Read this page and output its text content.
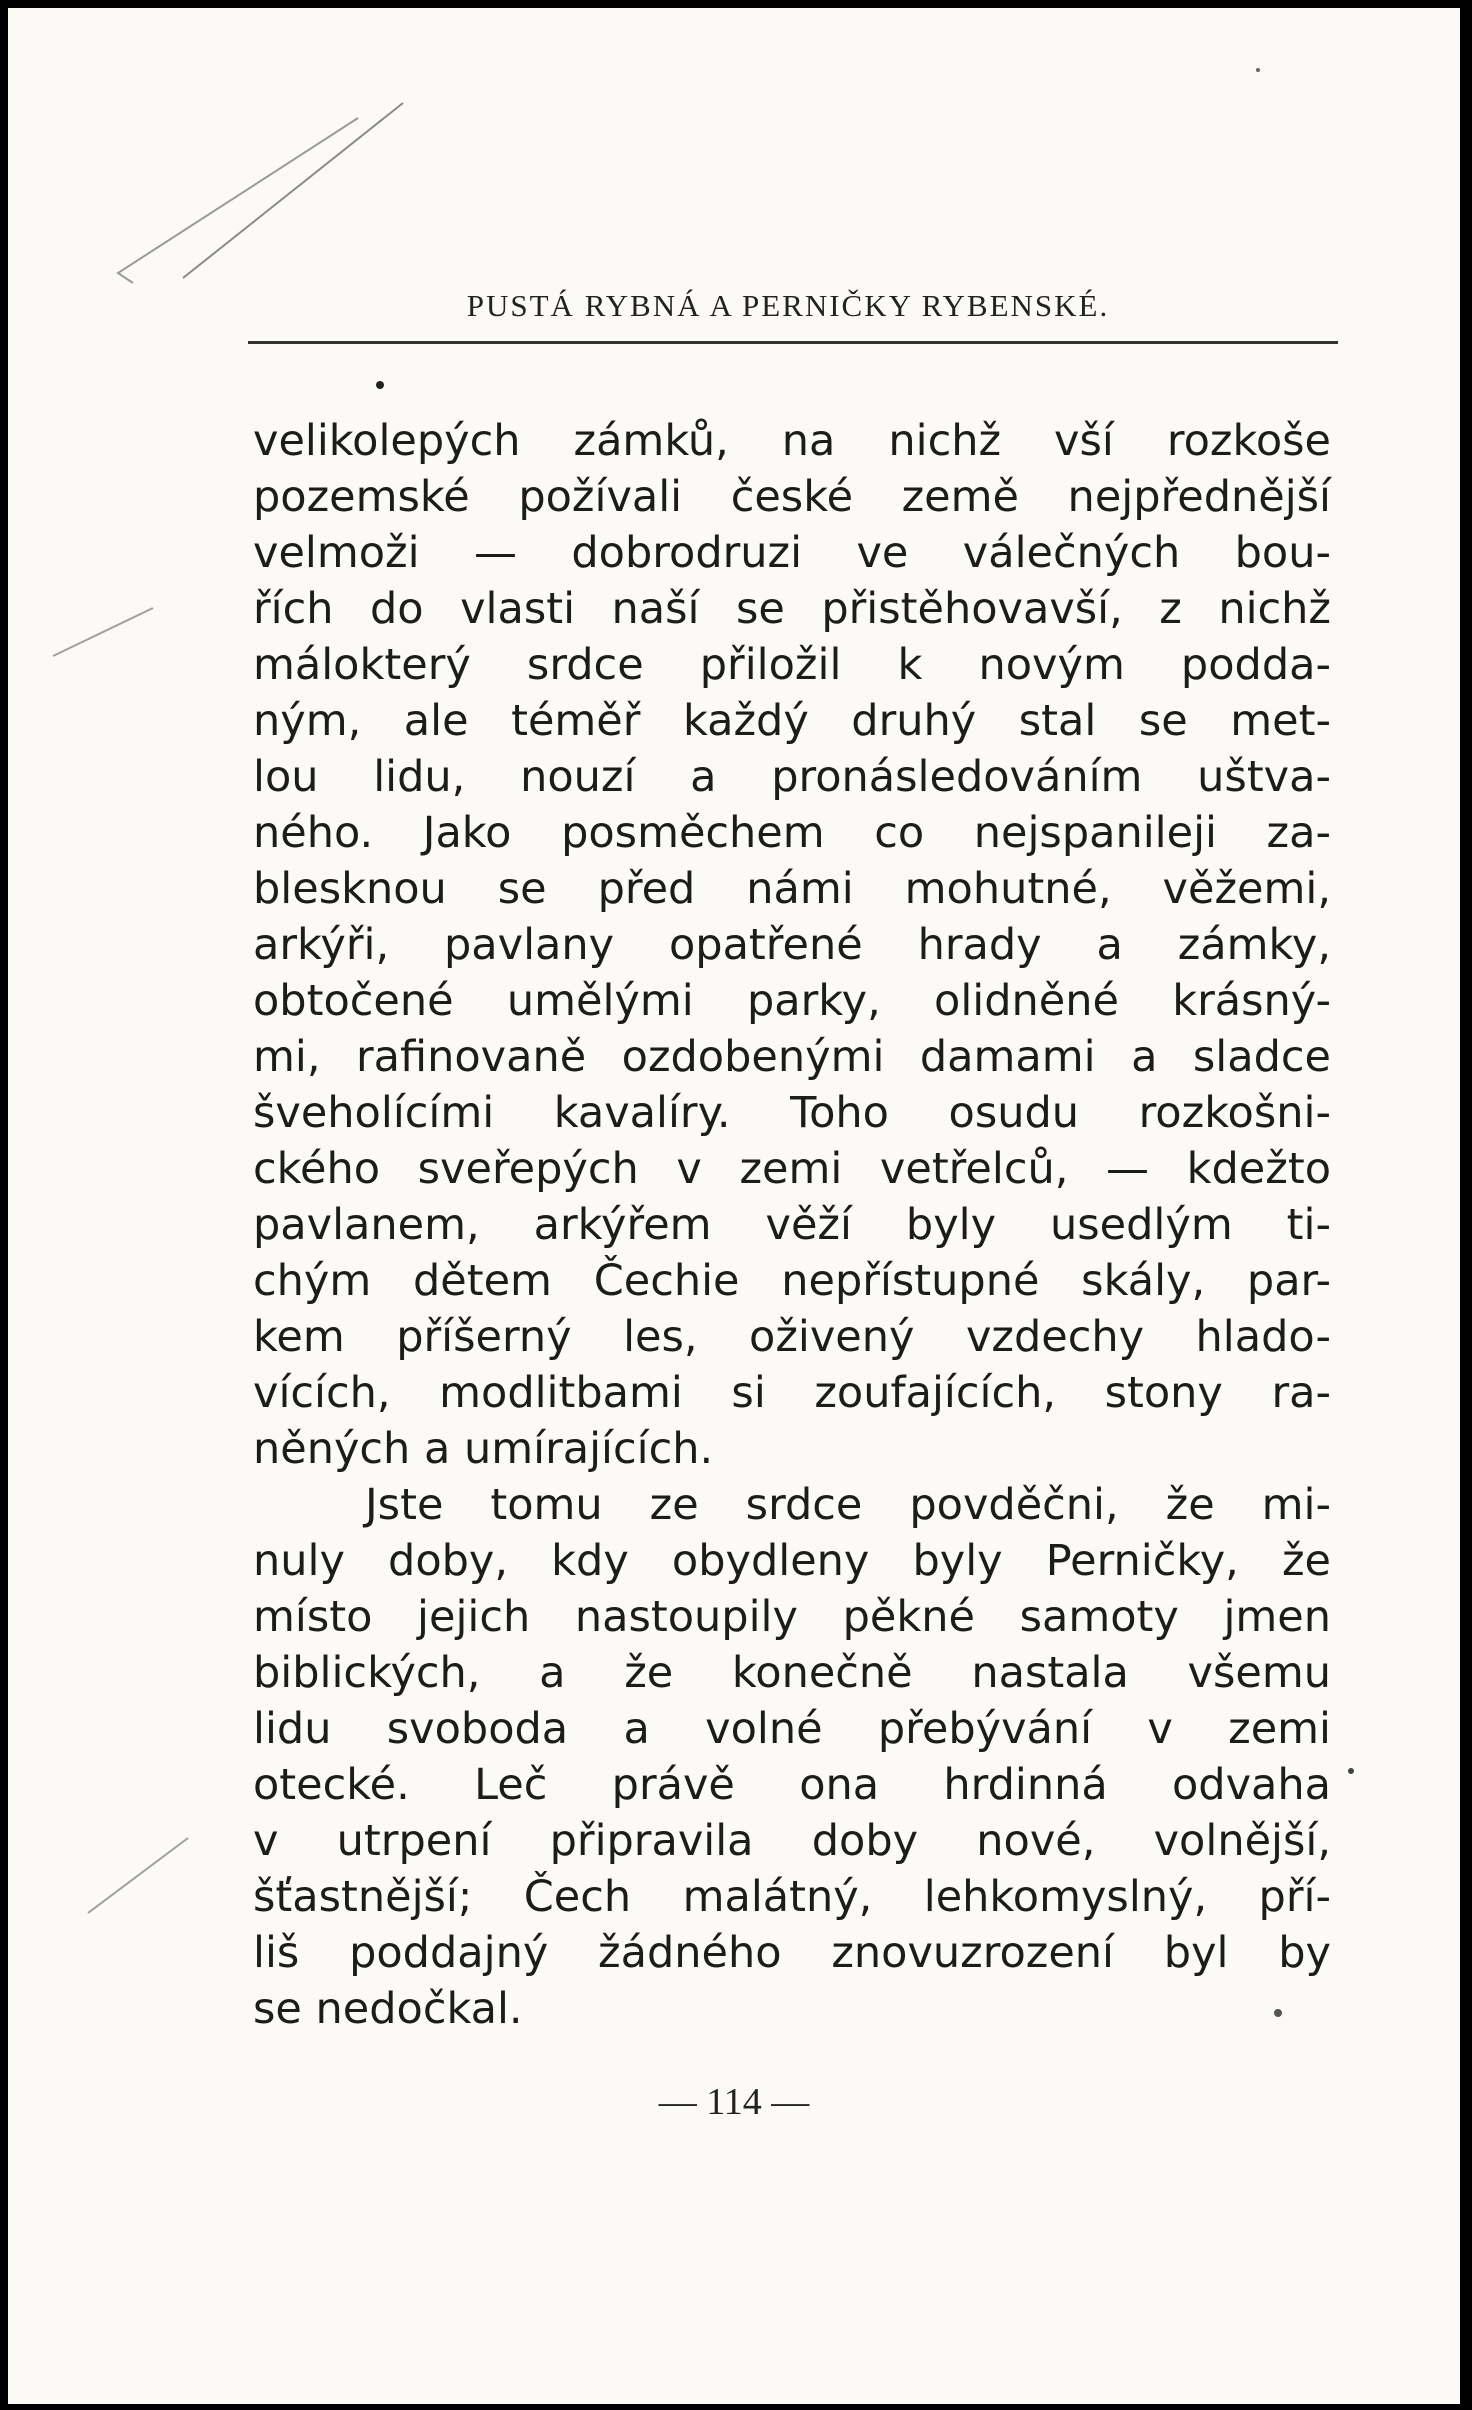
PUSTÁ RYBNÁ A PERNIČKY RYBENSKÉ.
velikolepých zámků, na nichž vší rozkoše
pozemské požívali české země nejpřednější
velmoži — dobrodruzi ve válečných bou-
řích do vlasti naší se přistěhovavší, z nichž
málokterý srdce přiložil k novým podda-
ným, ale téměř každý druhý stal se met-
lou lidu, nouzí a pronásledováním uštva-
ného. Jako posměchem co nejspanileji za-
blesknou se před námi mohutné, věžemi,
arkýři, pavlany opatřené hrady a zámky,
obtočené umělými parky, olidněné krásný-
mi, rafinovaně ozdobenými damami a sladce
šveholícími kavalíry. Toho osudu rozkošni-
ckého sveřepých v zemi vetřelců, — kdežto
pavlanem, arkýřem věží byly usedlým ti-
chým dětem Čechie nepřístupné skály, par-
kem příšerný les, oživený vzdechy hlado-
vících, modlitbami si zoufajících, stony ra-
něných a umírajících.
Jste tomu ze srdce povděčni, že mi-
nuly doby, kdy obydleny byly Perničky, že
místo jejich nastoupily pěkné samoty jmen
biblických, a že konečně nastala všemu
lidu svoboda a volné přebývání v zemi
otecké. Leč právě ona hrdinná odvaha
v utrpení připravila doby nové, volnější,
šťastnější; Čech malátný, lehkomyslný, pří-
liš poddajný žádného znovuzrození byl by
se nedočkal.
— 114 —
